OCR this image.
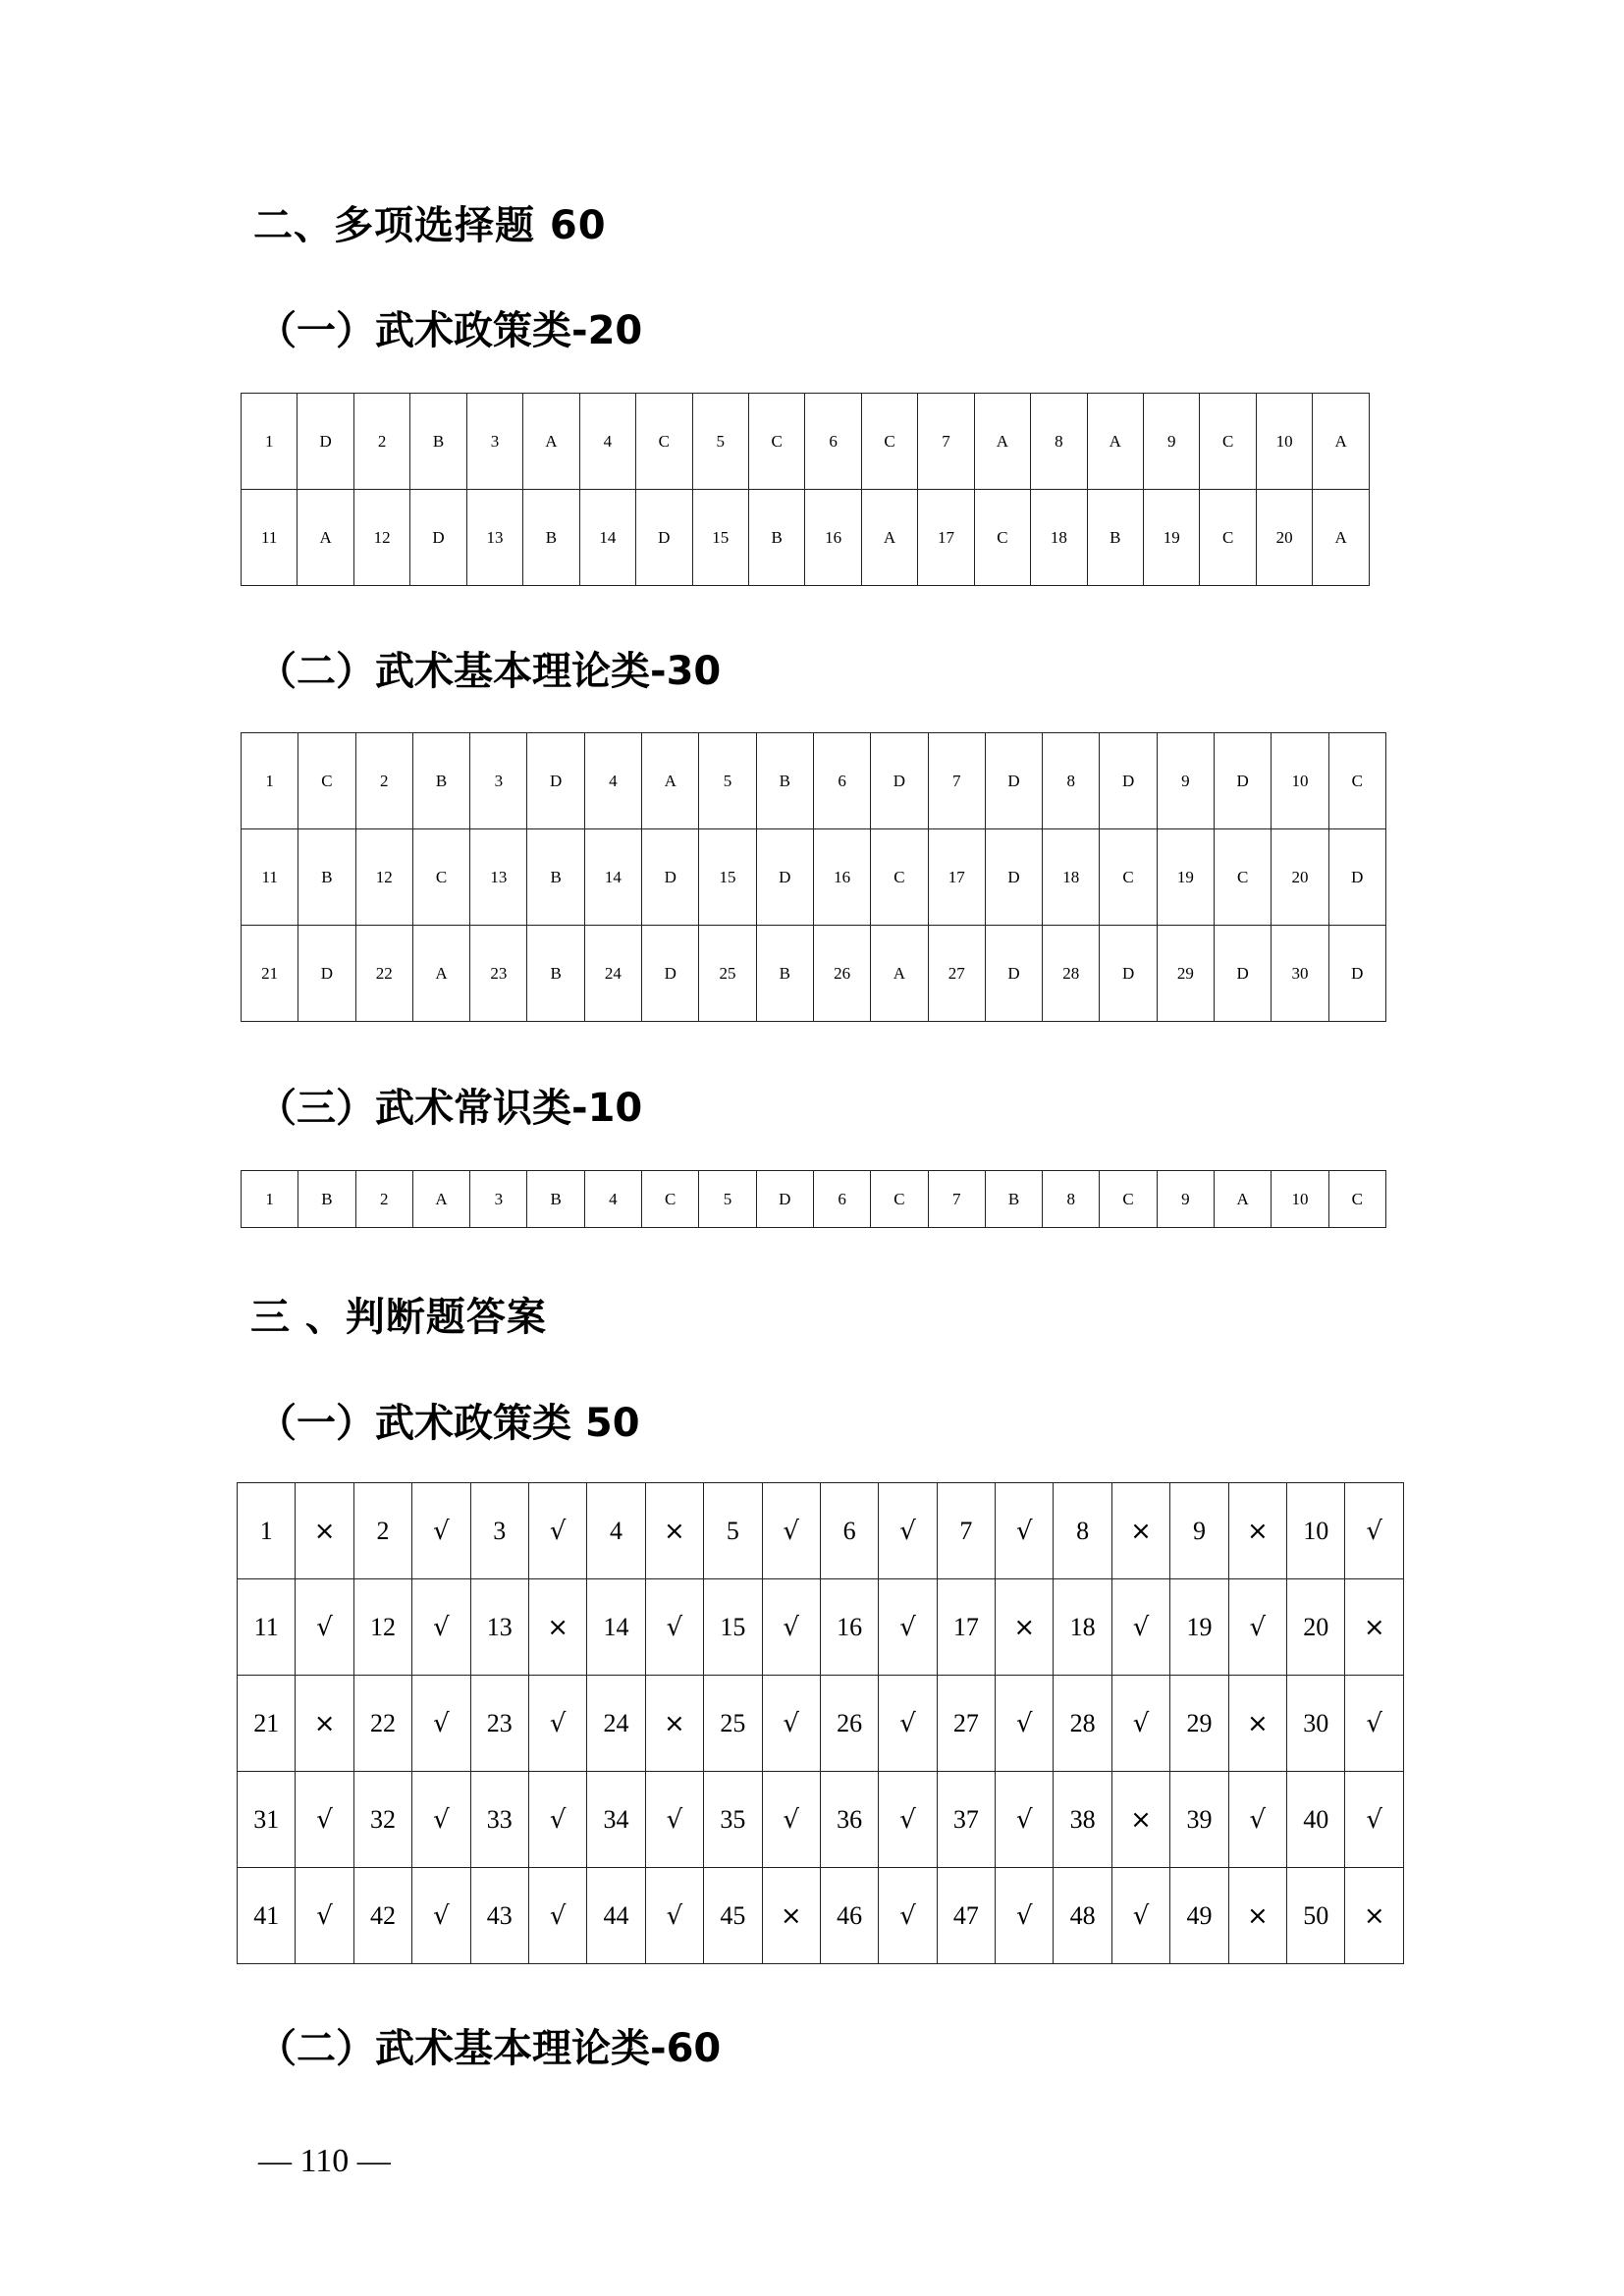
二、多项选择题 60
（一）武术政策类-20
1	D	2	B	3	A	4	C	5	C	6	C	7	A	8	A	9	C	10	A
11	A	12	D	13	B	14	D	15	B	16	A	17	C	18	B	19	C	20	A
（二）武术基本理论类-30
1	C	2	B	3	D	4	A	5	B	6	D	7	D	8	D	9	D	10	C
11	B	12	C	13	B	14	D	15	D	16	C	17	D	18	C	19	C	20	D
21	D	22	A	23	B	24	D	25	B	26	A	27	D	28	D	29	D	30	D
（三）武术常识类-10
1	B	2	A	3	B	4	C	5	D	6	C	7	B	8	C	9	A	10	C
三 、判断题答案
（一）武术政策类 50
1	×	2	√	3	√	4	×	5	√	6	√	7	√	8	×	9	×	10	√
11	√	12	√	13	×	14	√	15	√	16	√	17	×	18	√	19	√	20	×
21	×	22	√	23	√	24	×	25	√	26	√	27	√	28	√	29	×	30	√
31	√	32	√	33	√	34	√	35	√	36	√	37	√	38	×	39	√	40	√
41	√	42	√	43	√	44	√	45	×	46	√	47	√	48	√	49	×	50	×
（二）武术基本理论类-60
— 110 —
